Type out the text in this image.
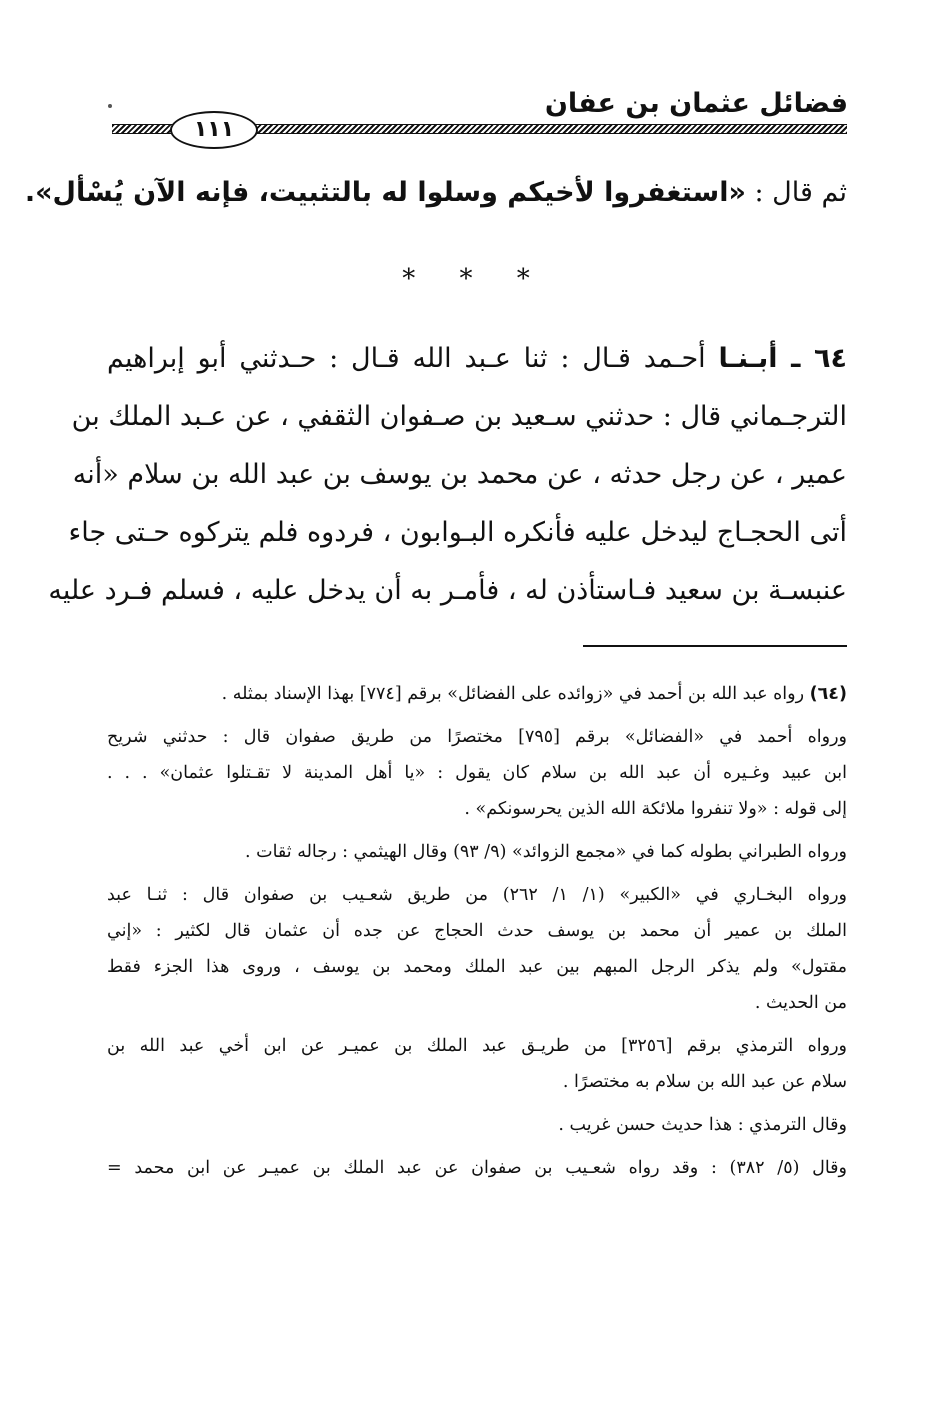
فضائل عثمان بن عفان
١١١
ثم قال : «استغفروا لأخيكم وسلوا له بالتثبيت، فإنه الآن يُسْأل».
* * *
٦٤ ـ أبـنـا أحـمد قـال : ثنا عـبد الله قـال : حـدثني أبو إبراهيم
الترجـماني قال : حدثني سـعيد بن صـفوان الثقفي ، عن عـبد الملك بن
عمير ، عن رجل حدثه ، عن محمد بن يوسف بن عبد الله بن سلام «أنه
أتى الحجـاج ليدخل عليه فأنكره البـوابون ، فردوه فلم يتركوه حـتى جاء
عنبسـة بن سعيد فـاستأذن له ، فأمـر به أن يدخل عليه ، فسلم فـرد عليه
(٦٤) رواه عبد الله بن أحمد في «زوائده على الفضائل» برقم [٧٧٤] بهذا الإسناد بمثله .
ورواه أحمد في «الفضائل» برقم [٧٩٥] مختصرًا من طريق صفوان قال : حدثني شريح
ابن عبيد وغـيره أن عبد الله بن سلام كان يقول : «يا أهل المدينة لا تقـتلوا عثمان» . . .
إلى قوله : «ولا تنفروا ملائكة الله الذين يحرسونكم» .
ورواه الطبراني بطوله كما في «مجمع الزوائد» (٩/ ٩٣) وقال الهيثمي : رجاله ثقات .
ورواه البخـاري في «الكبير» (١/ ١/ ٢٦٢) من طريق شعـيب بن صفوان قال : ثنـا عبد
الملك بن عمير أن محمد بن يوسف حدث الحجاج عن جده أن عثمان قال لكثير : «إني
مقتول» ولم يذكر الرجل المبهم بين عبد الملك ومحمد بن يوسف ، وروى هذا الجزء فقط
من الحديث .
ورواه الترمذي برقم [٣٢٥٦] من طريـق عبد الملك بن عميـر عن ابن أخي عبد الله بن
سلام عن عبد الله بن سلام به مختصرًا .
وقال الترمذي : هذا حديث حسن غريب .
وقال (٥/ ٣٨٢) : وقد رواه شعـيب بن صفوان عن عبد الملك بن عميـر عن ابن محمد =
